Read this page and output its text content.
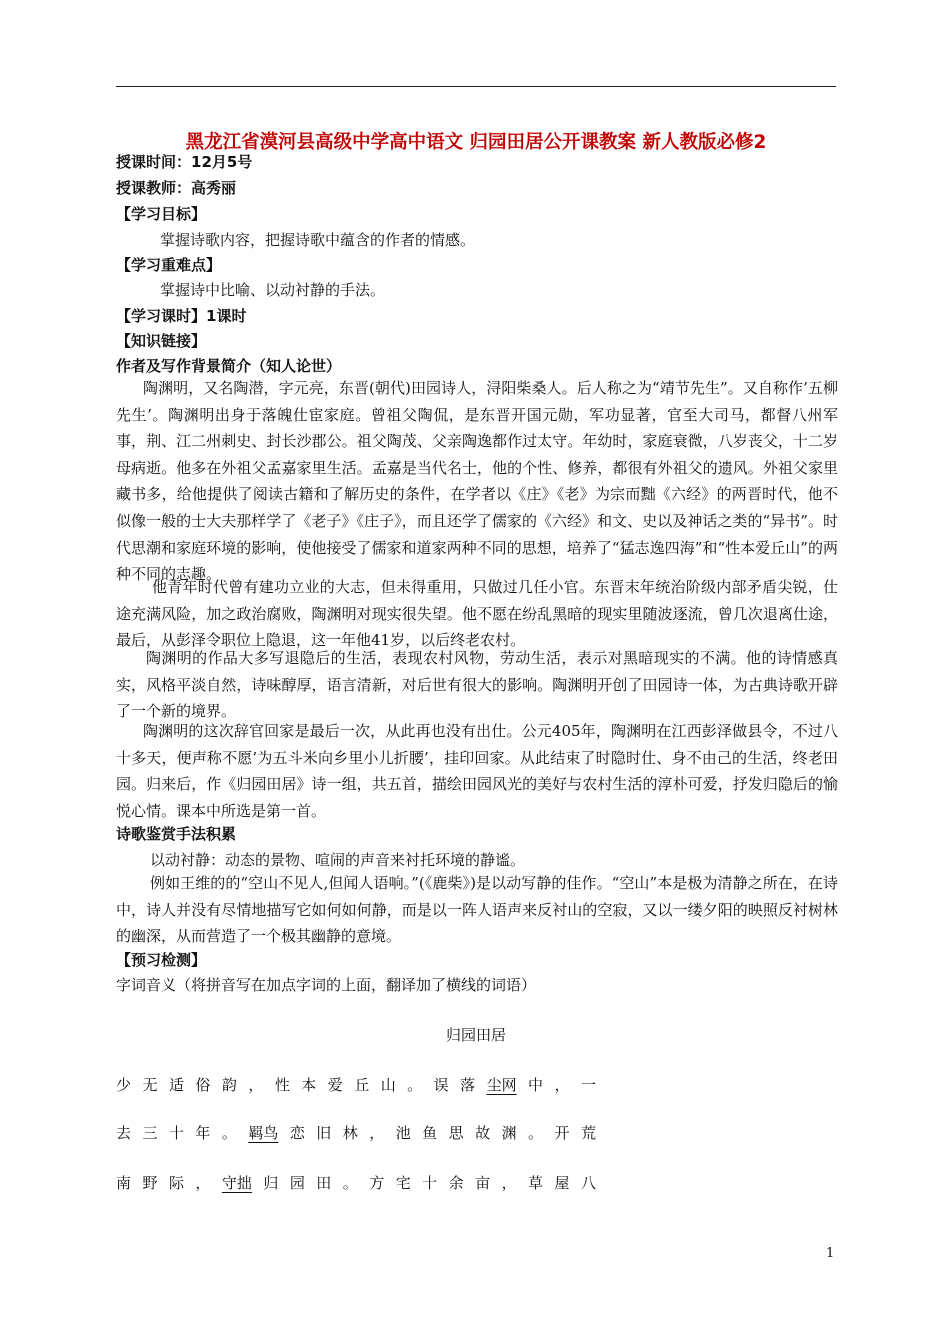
黑龙江省漠河县高级中学高中语文 归园田居公开课教案 新人教版必修2
授课时间：12月5号
授课教师：高秀丽
【学习目标】
掌握诗歌内容，把握诗歌中蕴含的作者的情感。
【学习重难点】
掌握诗中比喻、以动衬静的手法。
【学习课时】1课时
【知识链接】
作者及写作背景简介（知人论世）
陶渊明，又名陶潜，字元亮，东晋(朝代)田园诗人，浔阳柴桑人。后人称之为“靖节先生”。又自称作’五柳先生’。陶渊明出身于落魄仕宦家庭。曾祖父陶侃，是东晋开国元勋，军功显著，官至大司马，都督八州军事，荆、江二州刺史、封长沙郡公。祖父陶茂、父亲陶逸都作过太守。年幼时，家庭衰微，八岁丧父，十二岁母病逝。他多在外祖父孟嘉家里生活。孟嘉是当代名士，他的个性、修养，都很有外祖父的遗风。外祖父家里藏书多，给他提供了阅读古籍和了解历史的条件，在学者以《庄》《老》为宗而黜《六经》的两晋时代，他不似像一般的士大夫那样学了《老子》《庄子》，而且还学了儒家的《六经》和文、史以及神话之类的“异书”。时代思潮和家庭环境的影响，使他接受了儒家和道家两种不同的思想，培养了“猛志逸四海”和“性本爱丘山”的两种不同的志趣。
他青年时代曾有建功立业的大志，但未得重用，只做过几任小官。东晋末年统治阶级内部矛盾尖锐，仕途充满风险，加之政治腐败，陶渊明对现实很失望。他不愿在纷乱黑暗的现实里随波逐流，曾几次退离仕途，最后，从彭泽令职位上隐退，这一年他41岁，以后终老农村。
陶渊明的作品大多写退隐后的生活，表现农村风物，劳动生活，表示对黑暗现实的不满。他的诗情感真实，风格平淡自然，诗味醇厚，语言清新，对后世有很大的影响。陶渊明开创了田园诗一体，为古典诗歌开辟了一个新的境界。
陶渊明的这次辞官回家是最后一次，从此再也没有出仕。公元405年，陶渊明在江西彭泽做县令，不过八十多天，便声称不愿’为五斗米向乡里小儿折腰’，挂印回家。从此结束了时隐时仕、身不由己的生活，终老田园。归来后，作《归园田居》诗一组，共五首，描绘田园风光的美好与农村生活的淳朴可爱，抒发归隐后的愉悦心情。课本中所选是第一首。
诗歌鉴赏手法积累
以动衬静：动态的景物、喧闹的声音来衬托环境的静谧。
例如王维的的“空山不见人,但闻人语响。”(《鹿柴》)是以动写静的佳作。“空山”本是极为清静之所在，在诗中，诗人并没有尽情地描写它如何如何静，而是以一阵人语声来反衬山的空寂，又以一缕夕阳的映照反衬树林的幽深，从而营造了一个极其幽静的意境。
【预习检测】
字词音义（将拼音写在加点字词的上面，翻译加了横线的词语）
归园田居
少 无 适 俗 韵 ， 性 本 爱 丘 山 。 误 落 尘网 中 ， 一
去 三 十 年 。 羁鸟 恋 旧 林 ， 池 鱼 思 故 渊 。 开 荒
南 野 际 ， 守拙 归 园 田 。 方 宅 十 余 亩 ， 草 屋 八
1
